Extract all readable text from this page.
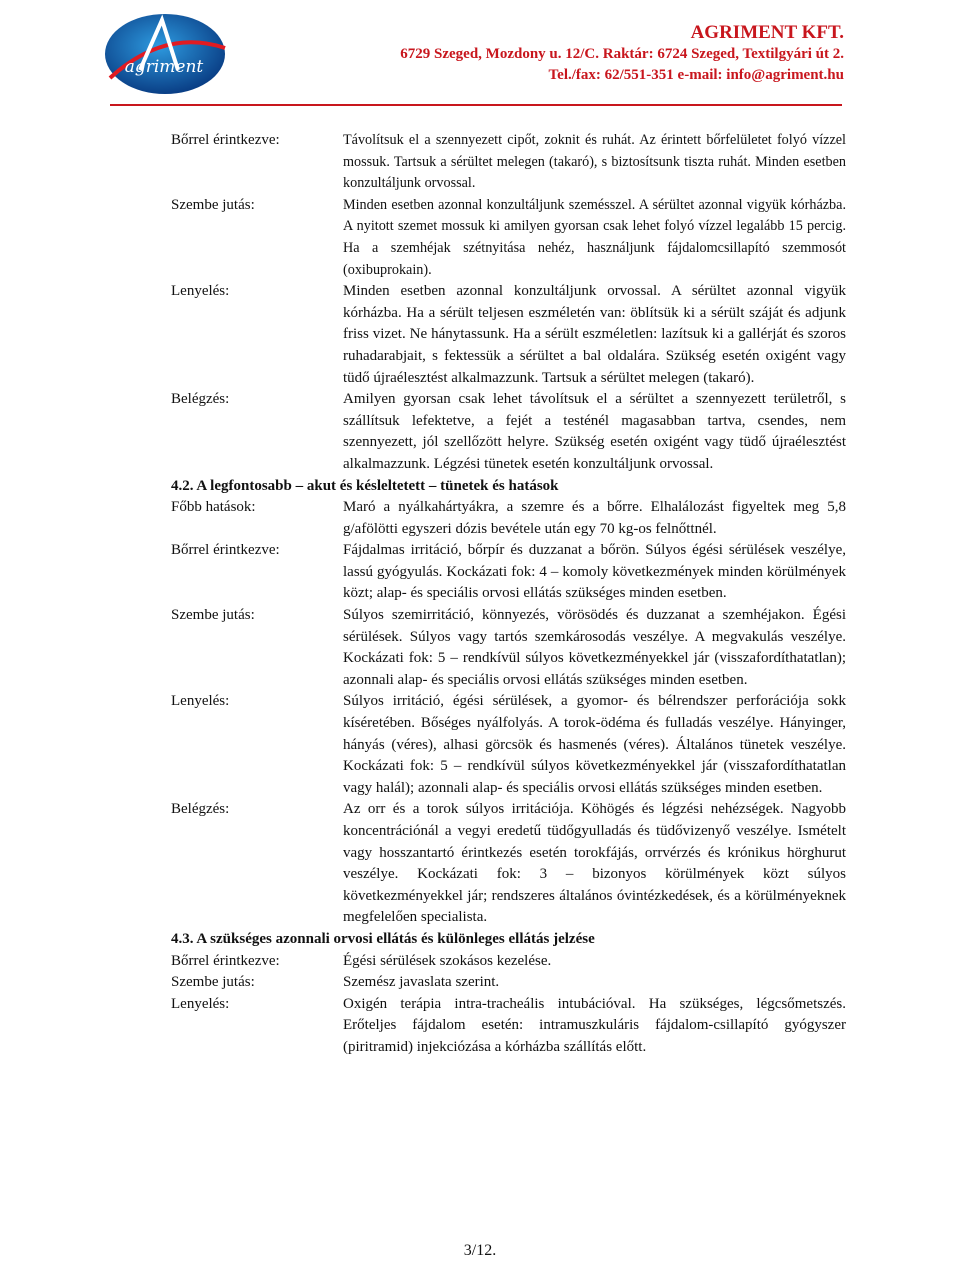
agriment
AGRIMENT KFT.
6729 Szeged, Mozdony u. 12/C. Raktár: 6724 Szeged, Textilgyári út 2.
Tel./fax: 62/551-351 e-mail: info@agriment.hu
Bőrrel érintkezve:	Távolítsuk el a szennyezett cipőt, zoknit és ruhát. Az érintett bőrfelületet folyó vízzel mossuk. Tartsuk a sérültet melegen (takaró), s biztosítsunk tiszta ruhát. Minden esetben konzultáljunk orvossal.
Szembe jutás:	Minden esetben azonnal konzultáljunk szemésszel. A sérültet azonnal vigyük kórházba. A nyitott szemet mossuk ki amilyen gyorsan csak lehet folyó vízzel legalább 15 percig. Ha a szemhéjak szétnyitása nehéz, használjunk fájdalomcsillapító szemmosót (oxibuprokain).
Lenyelés:	Minden esetben azonnal konzultáljunk orvossal. A sérültet azonnal vigyük kórházba. Ha a sérült teljesen eszméletén van: öblítsük ki a sérült száját és adjunk friss vizet. Ne hánytassunk. Ha a sérült eszméletlen: lazítsuk ki a gallérját és szoros ruhadarabjait, s fektessük a sérültet a bal oldalára. Szükség esetén oxigént vagy tüdő újraélesztést alkalmazzunk. Tartsuk a sérültet melegen (takaró).
Belégzés:	Amilyen gyorsan csak lehet távolítsuk el a sérültet a szennyezett területről, s szállítsuk lefektetve, a fejét a testénél magasabban tartva, csendes, nem szennyezett, jól szellőzött helyre. Szükség esetén oxigént vagy tüdő újraélesztést alkalmazzunk. Légzési tünetek esetén konzultáljunk orvossal.
4.2. A legfontosabb – akut és késleltetett – tünetek és hatások
Főbb hatások:	Maró a nyálkahártyákra, a szemre és a bőrre. Elhalálozást figyeltek meg 5,8 g/afölötti egyszeri dózis bevétele után egy 70 kg-os felnőttnél.
Bőrrel érintkezve:	Fájdalmas irritáció, bőrpír és duzzanat a bőrön. Súlyos égési sérülések veszélye, lassú gyógyulás. Kockázati fok: 4 – komoly következmények minden körülmények közt; alap- és speciális orvosi ellátás szükséges minden esetben.
Szembe jutás:	Súlyos szemirritáció, könnyezés, vörösödés és duzzanat a szemhéjakon. Égési sérülések. Súlyos vagy tartós szemkárosodás veszélye. A megvakulás veszélye. Kockázati fok: 5 – rendkívül súlyos következményekkel jár (visszafordíthatatlan); azonnali alap- és speciális orvosi ellátás szükséges minden esetben.
Lenyelés:	Súlyos irritáció, égési sérülések, a gyomor- és bélrendszer perforációja sokk kíséretében. Bőséges nyálfolyás. A torok-ödéma és fulladás veszélye. Hányinger, hányás (véres), alhasi görcsök és hasmenés (véres). Általános tünetek veszélye. Kockázati fok: 5 – rendkívül súlyos következményekkel jár (visszafordíthatatlan vagy halál); azonnali alap- és speciális orvosi ellátás szükséges minden esetben.
Belégzés:	Az orr és a torok súlyos irritációja. Köhögés és légzési nehézségek. Nagyobb koncentrációnál a vegyi eredetű tüdőgyulladás és tüdővizenyő veszélye. Ismételt vagy hosszantartó érintkezés esetén torokfájás, orrvérzés és krónikus hörghurut veszélye. Kockázati fok: 3 – bizonyos körülmények közt súlyos következményekkel jár; rendszeres általános óvintézkedések, és a körülményeknek megfelelően specialista.
4.3. A szükséges azonnali orvosi ellátás és különleges ellátás jelzése
Bőrrel érintkezve:	Égési sérülések szokásos kezelése.
Szembe jutás:	Szemész javaslata szerint.
Lenyelés:	Oxigén terápia intra-tracheális intubációval. Ha szükséges, légcsőmetszés. Erőteljes fájdalom esetén: intramuszkuláris fájdalom-csillapító gyógyszer (piritramid) injekciózása a kórházba szállítás előtt.
3/12.
